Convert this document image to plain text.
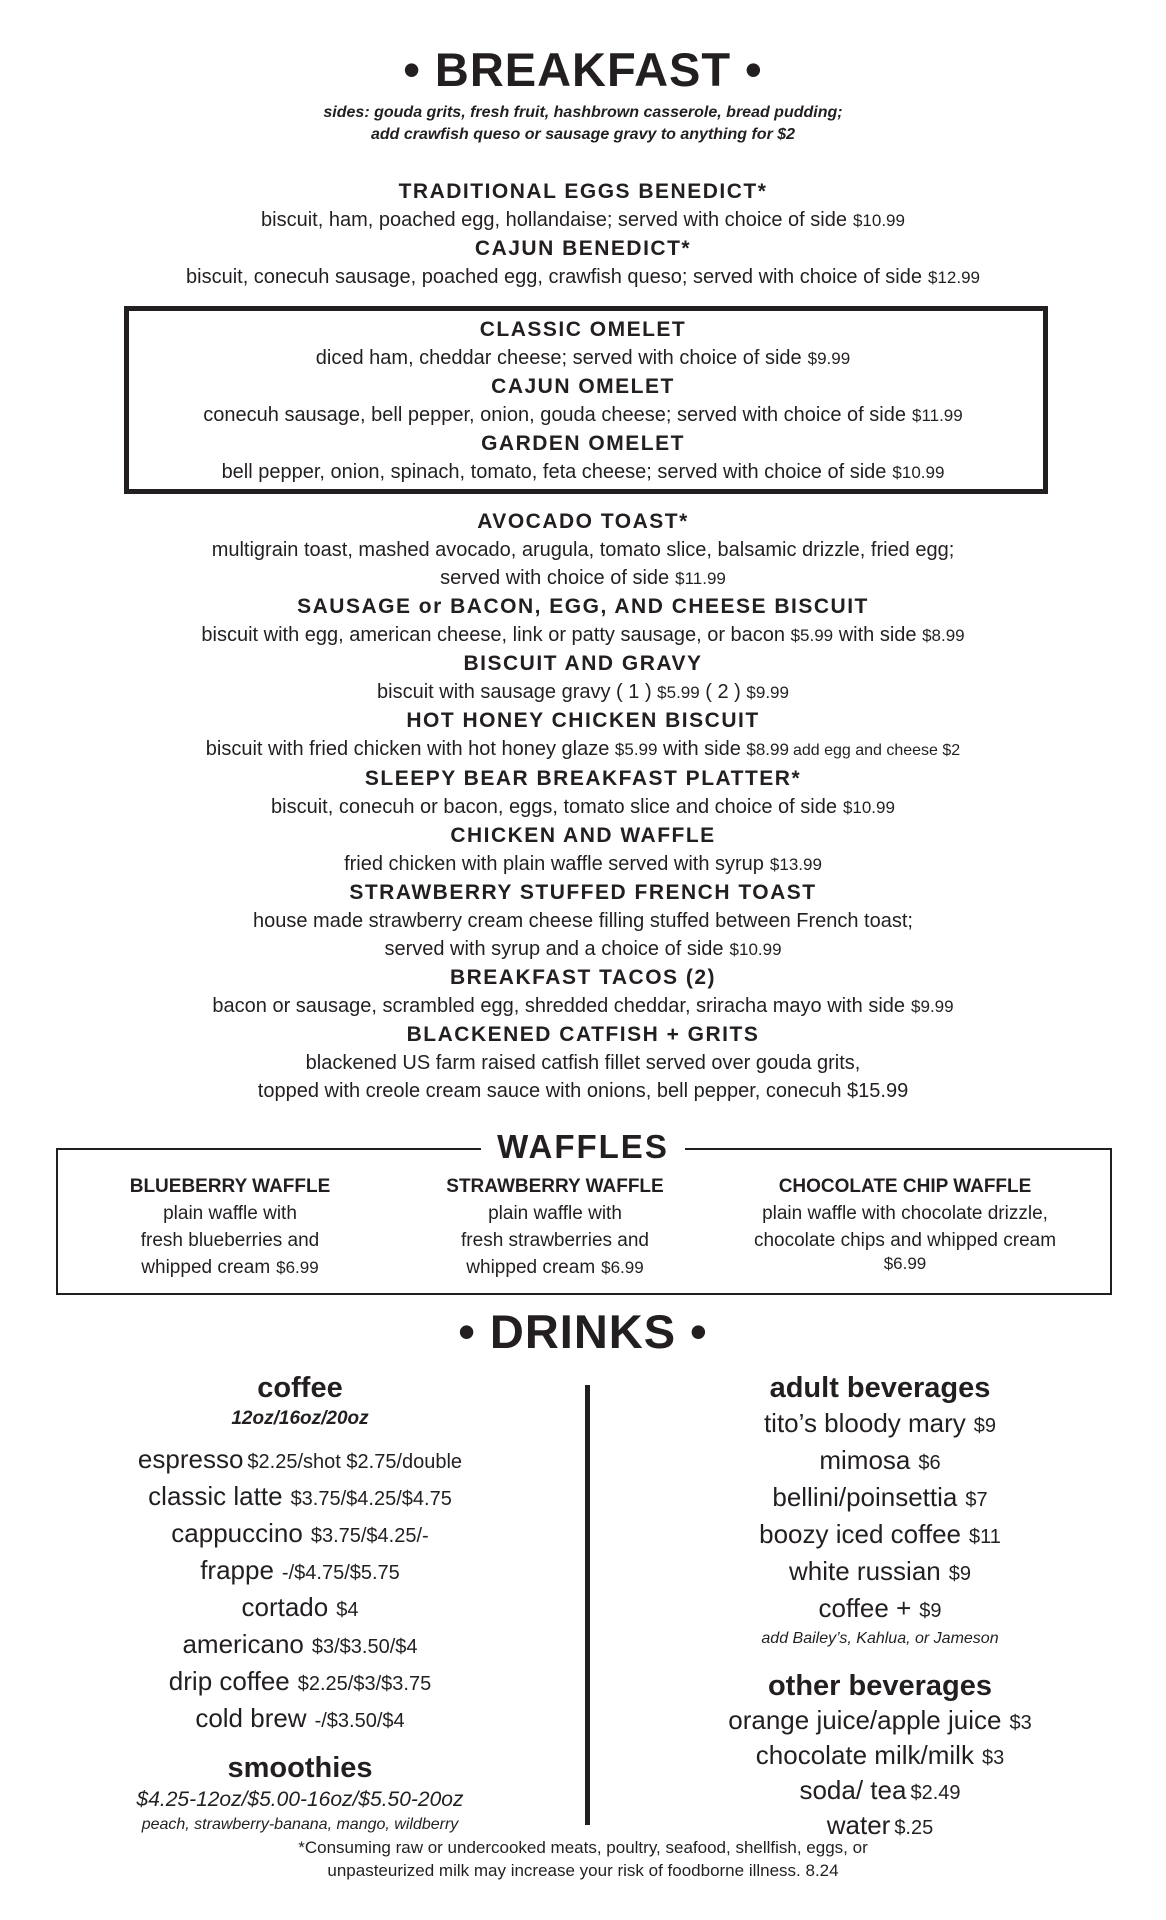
• BREAKFAST •
sides: gouda grits, fresh fruit, hashbrown casserole, bread pudding;
add crawfish queso or sausage gravy to anything for $2
TRADITIONAL EGGS BENEDICT*
biscuit, ham, poached egg, hollandaise; served with choice of side $10.99
CAJUN BENEDICT*
biscuit, conecuh sausage, poached egg, crawfish queso; served with choice of side $12.99
CLASSIC OMELET
diced ham, cheddar cheese; served with choice of side $9.99
CAJUN OMELET
conecuh sausage, bell pepper, onion, gouda cheese; served with choice of side $11.99
GARDEN OMELET
bell pepper, onion, spinach, tomato, feta cheese; served with choice of side $10.99
AVOCADO TOAST*
multigrain toast, mashed avocado, arugula, tomato slice, balsamic drizzle, fried egg;
served with choice of side $11.99
SAUSAGE or BACON, EGG, AND CHEESE BISCUIT
biscuit with egg, american cheese, link or patty sausage, or bacon $5.99 with side $8.99
BISCUIT AND GRAVY
biscuit with sausage gravy ( 1 ) $5.99 ( 2 ) $9.99
HOT HONEY CHICKEN BISCUIT
biscuit with fried chicken with hot honey glaze $5.99 with side $8.99 add egg and cheese $2
SLEEPY BEAR BREAKFAST PLATTER*
biscuit, conecuh or bacon, eggs, tomato slice and choice of side $10.99
CHICKEN AND WAFFLE
fried chicken with plain waffle served with syrup $13.99
STRAWBERRY STUFFED FRENCH TOAST
house made strawberry cream cheese filling stuffed between French toast;
served with syrup and a choice of side $10.99
BREAKFAST TACOS (2)
bacon or sausage, scrambled egg, shredded cheddar, sriracha mayo with side $9.99
BLACKENED CATFISH + GRITS
blackened US farm raised catfish fillet served over gouda grits,
topped with creole cream sauce with onions, bell pepper, conecuh $15.99
WAFFLES
BLUEBERRY WAFFLE
plain waffle with
fresh blueberries and
whipped cream $6.99
STRAWBERRY WAFFLE
plain waffle with
fresh strawberries and
whipped cream $6.99
CHOCOLATE CHIP WAFFLE
plain waffle with chocolate drizzle,
chocolate chips and whipped cream
$6.99
• DRINKS •
coffee
12oz/16oz/20oz
espresso $2.25/shot $2.75/double
classic latte $3.75/$4.25/$4.75
cappuccino $3.75/$4.25/-
frappe -/$4.75/$5.75
cortado $4
americano $3/$3.50/$4
drip coffee $2.25/$3/$3.75
cold brew -/$3.50/$4
smoothies
$4.25-12oz/$5.00-16oz/$5.50-20oz
peach, strawberry-banana, mango, wildberry
adult beverages
tito’s bloody mary $9
mimosa $6
bellini/poinsettia $7
boozy iced coffee $11
white russian $9
coffee + $9
add Bailey’s, Kahlua, or Jameson
other beverages
orange juice/apple juice $3
chocolate milk/milk $3
soda/ tea $2.49
water $.25
*Consuming raw or undercooked meats, poultry, seafood, shellfish, eggs, or
unpasteurized milk may increase your risk of foodborne illness. 8.24
